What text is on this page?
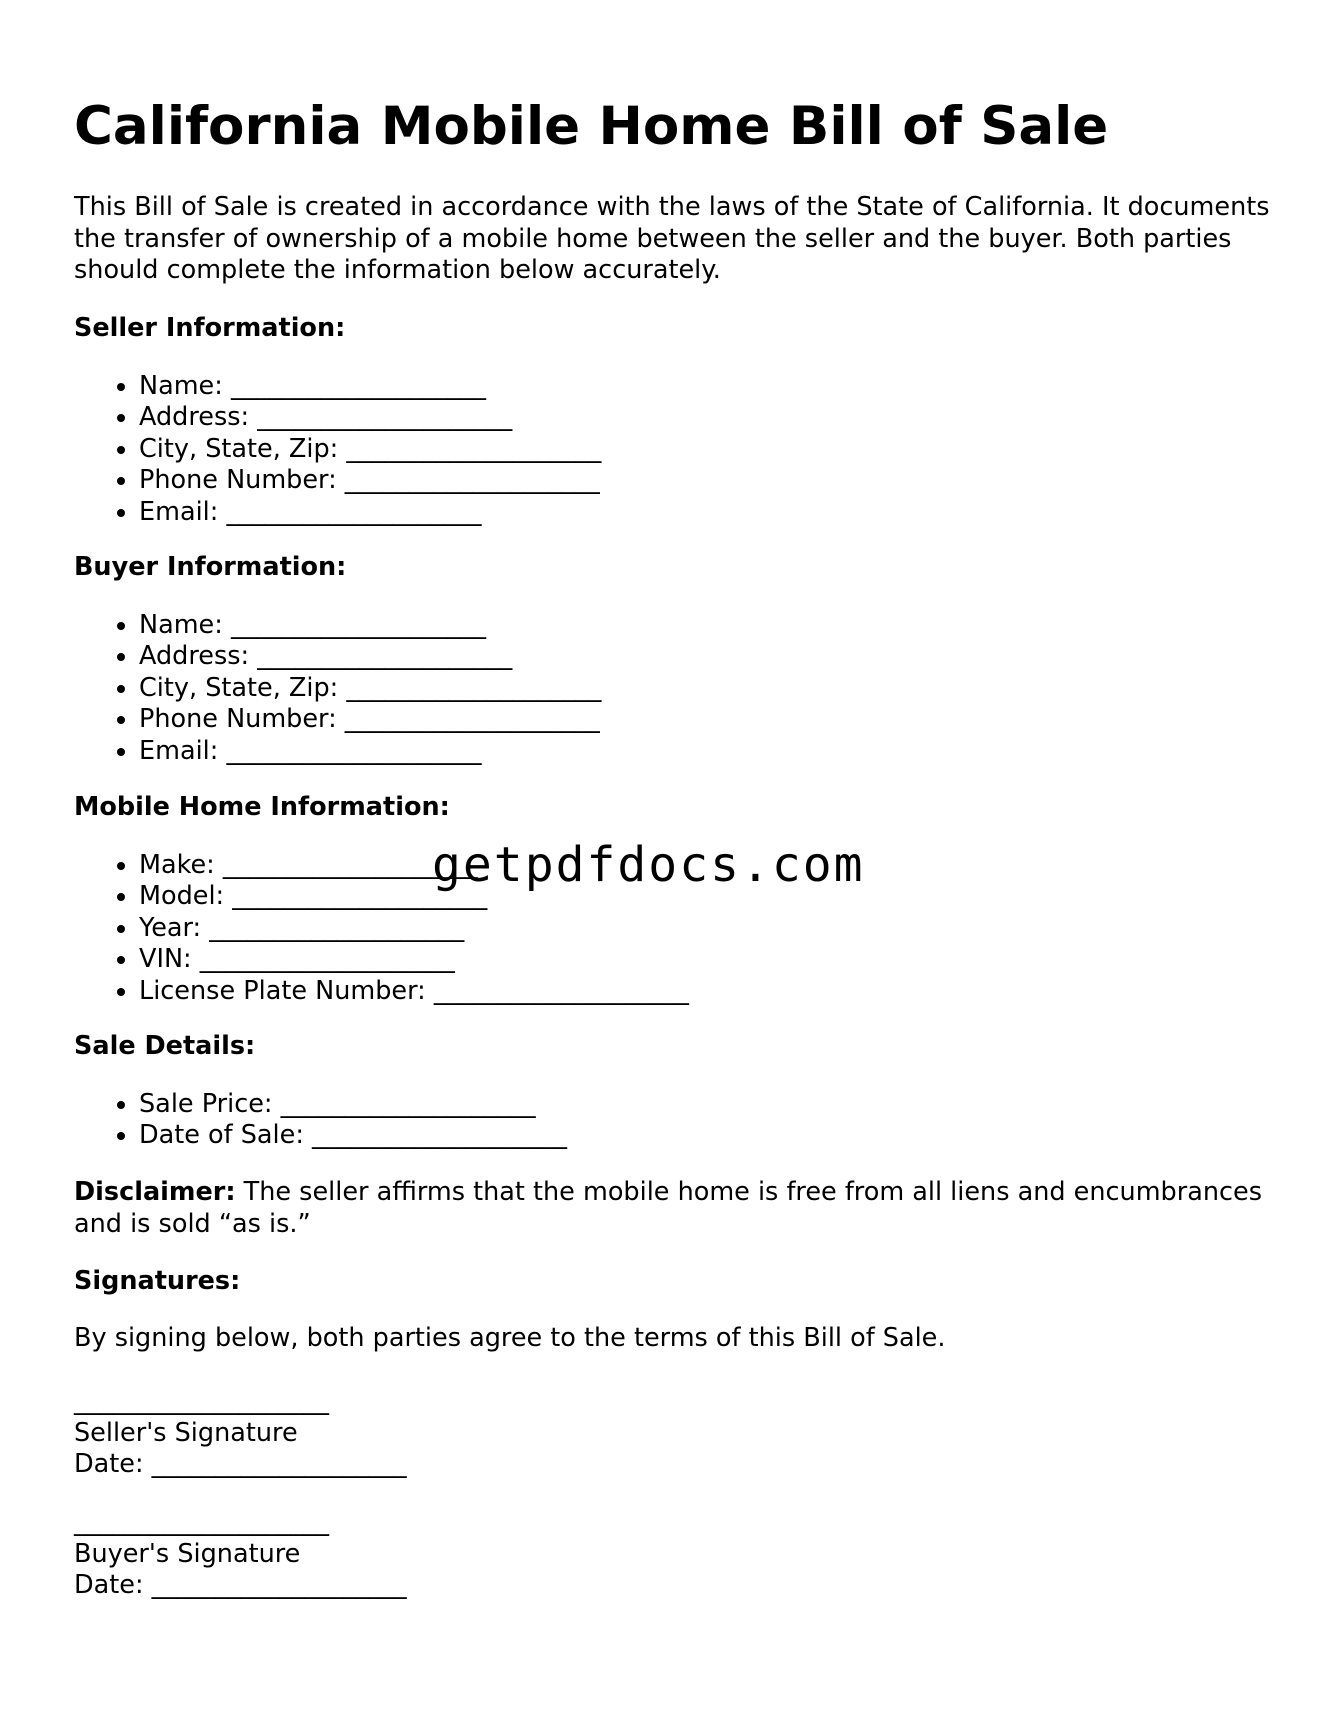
California Mobile Home Bill of Sale

This Bill of Sale is created in accordance with the laws of the State of California. It documents the transfer of ownership of a mobile home between the seller and the buyer. Both parties should complete the information below accurately.

Seller Information:
• Name: ____________________
• Address: ____________________
• City, State, Zip: ____________________
• Phone Number: ____________________
• Email: ____________________
Buyer Information:
• Name: ____________________
• Address: ____________________
• City, State, Zip: ____________________
• Phone Number: ____________________
• Email: ____________________
Mobile Home Information:
• Make: ____________________
• Model: ____________________
• Year: ____________________
• VIN: ____________________
• License Plate Number: ____________________
Sale Details:
• Sale Price: ____________________
• Date of Sale: ____________________

Disclaimer: The seller affirms that the mobile home is free from all liens and encumbrances and is sold “as is.”

Signatures:

By signing below, both parties agree to the terms of this Bill of Sale.

____________________
Seller's Signature
Date: ____________________
____________________
Buyer's Signature
Date: ____________________
getpdfdocs.com
